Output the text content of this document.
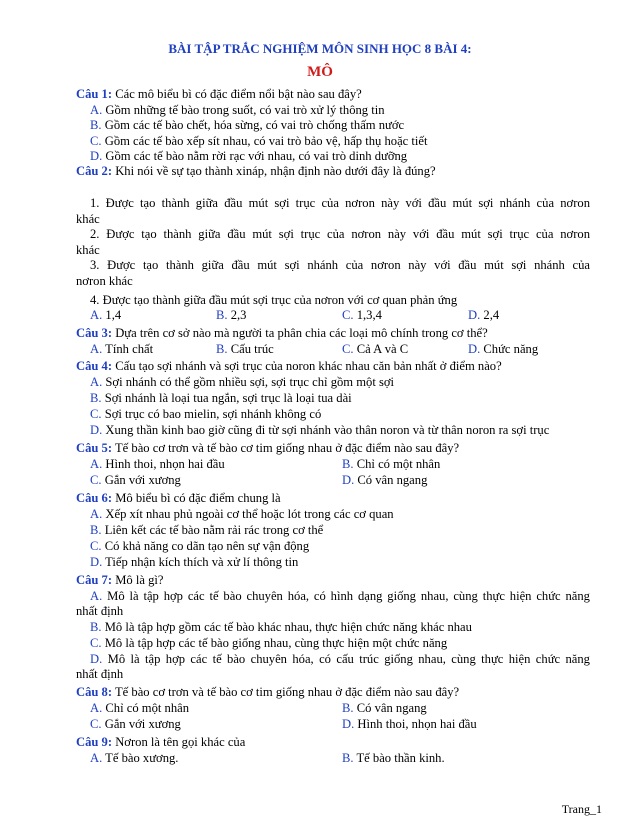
BÀI TẬP TRẮC NGHIỆM MÔN SINH HỌC 8 BÀI 4:
MÔ
Câu 1: Các mô biểu bì có đặc điểm nổi bật nào sau đây?
A. Gồm những tế bào trong suốt, có vai trò xử lý thông tin
B. Gồm các tế bào chết, hóa sừng, có vai trò chống thấm nước
C. Gồm các tế bào xếp sít nhau, có vai trò bảo vệ, hấp thụ hoặc tiết
D. Gồm các tế bào nằm rời rạc với nhau, có vai trò dinh dưỡng
Câu 2: Khi nói về sự tạo thành xináp, nhận định nào dưới đây là đúng?
1. Được tạo thành giữa đầu mút sợi trục của nơron này với đầu mút sợi nhánh của nơron
khác
2. Được tạo thành giữa đầu mút sợi trục của nơron này với đầu mút sợi trục của nơron
khác
3. Được tạo thành giữa đầu mút sợi nhánh của nơron này với đầu mút sợi nhánh của
nơron khác
4. Được tạo thành giữa đầu mút sợi trục của nơron với cơ quan phản ứng
A. 1,4	B. 2,3	C. 1,3,4	D. 2,4
Câu 3: Dựa trên cơ sở nào mà người ta phân chia các loại mô chính trong cơ thể?
A. Tính chất	B. Cấu trúc	C. Cả A và C	D. Chức năng
Câu 4: Cấu tạo sợi nhánh và sợi trục của noron khác nhau căn bản nhất ở điểm nào?
A. Sợi nhánh có thể gồm nhiều sợi, sợi trục chỉ gồm một sợi
B. Sợi nhánh là loại tua ngắn, sợi trục là loại tua dài
C. Sợi trục có bao mielin, sợi nhánh không có
D. Xung thần kinh bao giờ cũng đi từ sợi nhánh vào thân noron và từ thân noron ra sợi trục
Câu 5: Tế bào cơ trơn và tế bào cơ tim giống nhau ở đặc điểm nào sau đây?
A. Hình thoi, nhọn hai đầu	B. Chỉ có một nhân
C. Gắn với xương	D. Có vân ngang
Câu 6: Mô biểu bì có đặc điểm chung là
A. Xếp xít nhau phủ ngoài cơ thể hoặc lót trong các cơ quan
B. Liên kết các tế bào nằm rải rác trong cơ thể
C. Có khả năng co dãn tạo nên sự vận động
D. Tiếp nhận kích thích và xử lí thông tin
Câu 7: Mô là gì?
A. Mô là tập hợp các tế bào chuyên hóa, có hình dạng giống nhau, cùng thực hiện chức năng
nhất định
B. Mô là tập hợp gồm các tế bào khác nhau, thực hiện chức năng khác nhau
C. Mô là tập hợp các tế bào giống nhau, cùng thực hiện một chức năng
D. Mô là tập hợp các tế bào chuyên hóa, có cấu trúc giống nhau, cùng thực hiện chức năng
nhất định
Câu 8: Tế bào cơ trơn và tế bào cơ tim giống nhau ở đặc điểm nào sau đây?
A. Chỉ có một nhân	B. Có vân ngang
C. Gắn với xương	D. Hình thoi, nhọn hai đầu
Câu 9: Nơron là tên gọi khác của
A. Tế bào xương.	B. Tế bào thần kinh.
Trang_1
